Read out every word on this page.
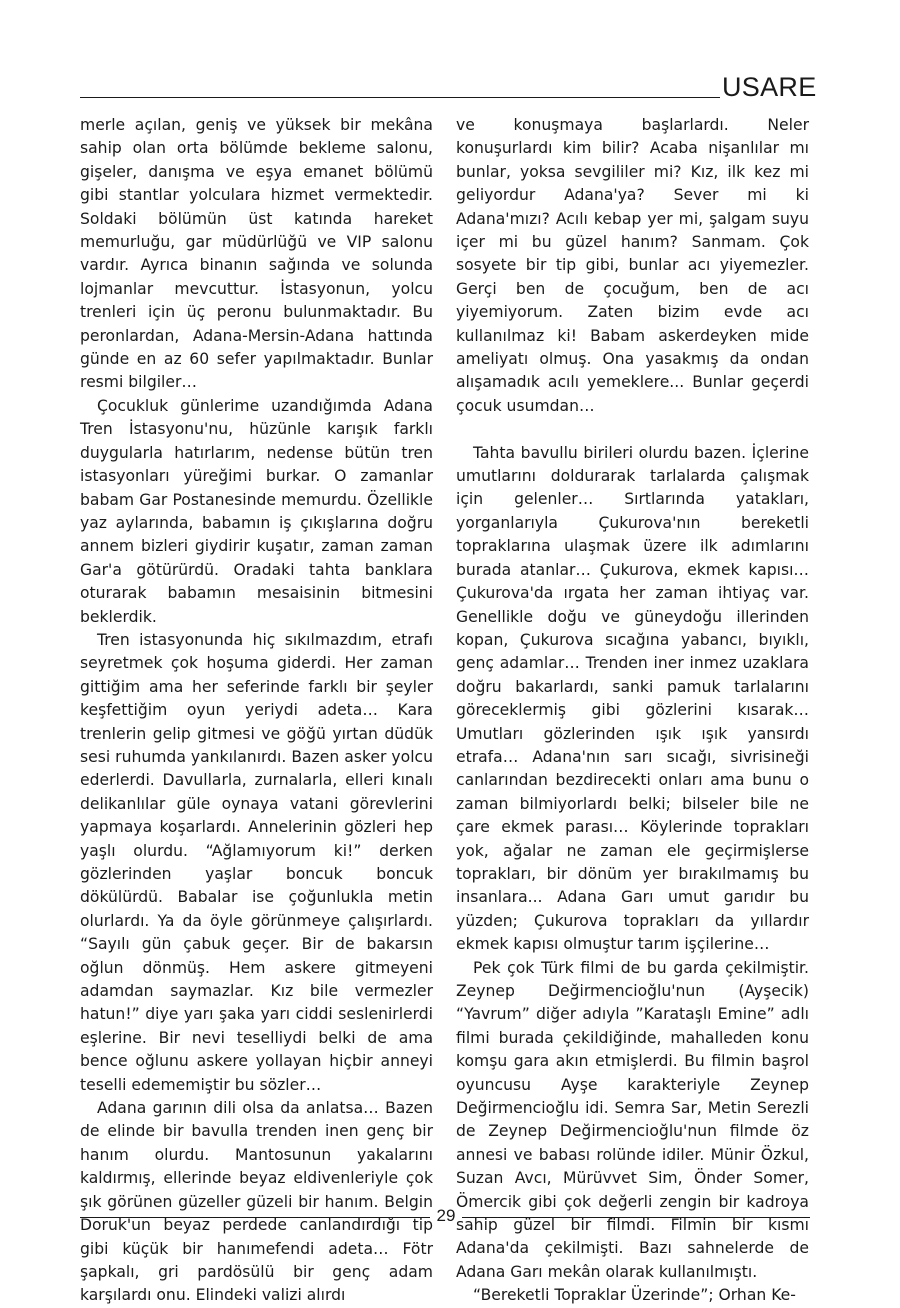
USARE

merle açılan, geniş ve yüksek bir mekâna sahip olan orta bölümde bekleme salonu, gişeler, danışma ve eşya emanet bölümü gibi stantlar yolculara hizmet vermektedir. Soldaki bölümün üst katında hareket memurluğu, gar müdürlüğü ve VIP salonu vardır. Ayrıca binanın sağında ve solunda lojmanlar mevcuttur. İstasyonun, yolcu trenleri için üç peronu bulunmaktadır. Bu peronlardan, Adana-Mersin-Adana hattında günde en az 60 sefer yapılmaktadır. Bunlar resmi bilgiler…

Çocukluk günlerime uzandığımda Adana Tren İstasyonu'nu, hüzünle karışık farklı duygularla hatırlarım, nedense bütün tren istasyonları yüreğimi burkar. O zamanlar babam Gar Postanesinde memurdu. Özellikle yaz aylarında, babamın iş çıkışlarına doğru annem bizleri giydirir kuşatır, zaman zaman Gar'a götürürdü. Oradaki tahta banklara oturarak babamın mesaisinin bitmesini beklerdik.

Tren istasyonunda hiç sıkılmazdım, etrafı seyretmek çok hoşuma giderdi. Her zaman gittiğim ama her seferinde farklı bir şeyler keşfettiğim oyun yeriydi adeta… Kara trenlerin gelip gitmesi ve göğü yırtan düdük sesi ruhumda yankılanırdı. Bazen asker yolcu ederlerdi. Davullarla, zurnalarla, elleri kınalı delikanlılar güle oynaya vatani görevlerini yapmaya koşarlardı. Annelerinin gözleri hep yaşlı olurdu. “Ağlamıyorum ki!” derken gözlerinden yaşlar boncuk boncuk dökülürdü. Babalar ise çoğunlukla metin olurlardı. Ya da öyle görünmeye çalışırlardı. “Sayılı gün çabuk geçer. Bir de bakarsın oğlun dönmüş. Hem askere gitmeyeni adamdan saymazlar. Kız bile vermezler hatun!” diye yarı şaka yarı ciddi seslenirlerdi eşlerine. Bir nevi teselliydi belki de ama bence oğlunu askere yollayan hiçbir anneyi teselli edememiştir bu sözler…

Adana garının dili olsa da anlatsa… Bazen de elinde bir bavulla trenden inen genç bir hanım olurdu. Mantosunun yakalarını kaldırmış, ellerinde beyaz eldivenleriyle çok şık görünen güzeller güzeli bir hanım. Belgin Doruk'un beyaz perdede canlandırdığı tip gibi küçük bir hanımefendi adeta… Fötr şapkalı, gri pardösülü bir genç adam karşılardı onu. Elindeki valizi alırdı

ve konuşmaya başlarlardı. Neler konuşurlardı kim bilir? Acaba nişanlılar mı bunlar, yoksa sevgililer mi? Kız, ilk kez mi geliyordur Adana'ya? Sever mi ki Adana'mızı? Acılı kebap yer mi, şalgam suyu içer mi bu güzel hanım? Sanmam. Çok sosyete bir tip gibi, bunlar acı yiyemezler. Gerçi ben de çocuğum, ben de acı yiyemiyorum. Zaten bizim evde acı kullanılmaz ki! Babam askerdeyken mide ameliyatı olmuş. Ona yasakmış da ondan alışamadık acılı yemeklere... Bunlar geçerdi çocuk usumdan…

Tahta bavullu birileri olurdu bazen. İçlerine umutlarını doldurarak tarlalarda çalışmak için gelenler… Sırtlarında yatakları, yorganlarıyla Çukurova'nın bereketli topraklarına ulaşmak üzere ilk adımlarını burada atanlar… Çukurova, ekmek kapısı… Çukurova'da ırgata her zaman ihtiyaç var. Genellikle doğu ve güneydoğu illerinden kopan, Çukurova sıcağına yabancı, bıyıklı, genç adamlar… Trenden iner inmez uzaklara doğru bakarlardı, sanki pamuk tarlalarını göreceklermiş gibi gözlerini kısarak… Umutları gözlerinden ışık ışık yansırdı etrafa… Adana'nın sarı sıcağı, sivrisineği canlarından bezdirecekti onları ama bunu o zaman bilmiyorlardı belki; bilseler bile ne çare ekmek parası… Köylerinde toprakları yok, ağalar ne zaman ele geçirmişlerse toprakları, bir dönüm yer bırakılmamış bu insanlara... Adana Garı umut garıdır bu yüzden; Çukurova toprakları da yıllardır ekmek kapısı olmuştur tarım işçilerine…

Pek çok Türk filmi de bu garda çekilmiştir. Zeynep Değirmencioğlu'nun (Ayşecik) “Yavrum” diğer adıyla ”Karataşlı Emine” adlı filmi burada çekildiğinde, mahalleden konu komşu gara akın etmişlerdi. Bu filmin başrol oyuncusu Ayşe karakteriyle Zeynep Değirmencioğlu idi. Semra Sar, Metin Serezli de Zeynep Değirmencioğlu'nun filmde öz annesi ve babası rolünde idiler. Münir Özkul, Suzan Avcı, Mürüvvet Sim, Önder Somer, Ömercik gibi çok değerli zengin bir kadroya sahip güzel bir filmdi. Filmin bir kısmı Adana'da çekilmişti. Bazı sahnelerde de Adana Garı mekân olarak kullanılmıştı.

“Bereketli Topraklar Üzerinde”; Orhan Ke-

29
